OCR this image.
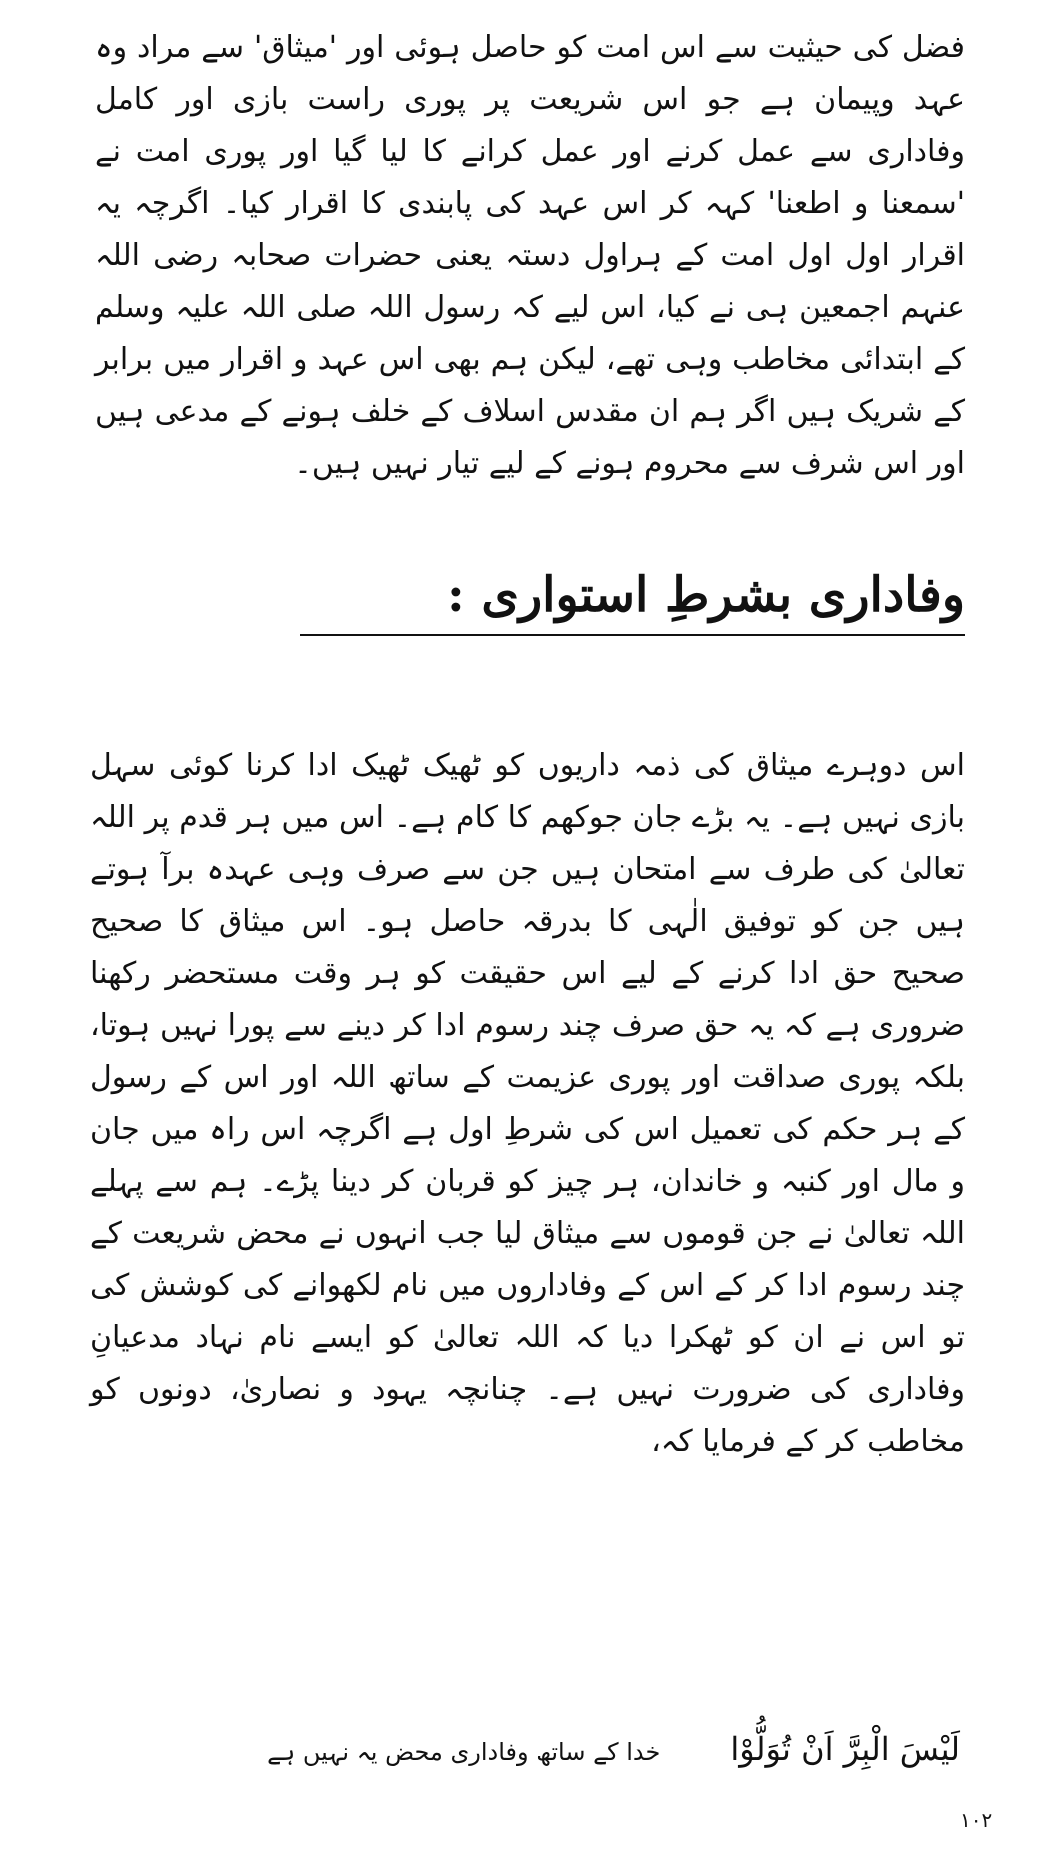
فضل کی حیثیت سے اس امت کو حاصل ہوئی اور 'میثاق' سے مراد وہ عہد وپیمان ہے جو اس شریعت پر پوری راست بازی اور کامل وفاداری سے عمل کرنے اور عمل کرانے کا لیا گیا اور پوری امت نے 'سمعنا و اطعنا' کہہ کر اس عہد کی پابندی کا اقرار کیا۔ اگرچہ یہ اقرار اول اول امت کے ہراول دستہ یعنی حضرات صحابہ رضی اللہ عنہم اجمعین ہی نے کیا، اس لیے کہ رسول اللہ صلی اللہ علیہ وسلم کے ابتدائی مخاطب وہی تھے، لیکن ہم بھی اس عہد و اقرار میں برابر کے شریک ہیں اگر ہم ان مقدس اسلاف کے خلف ہونے کے مدعی ہیں اور اس شرف سے محروم ہونے کے لیے تیار نہیں ہیں۔

وفاداری بشرطِ استواری :

اس دوہرے میثاق کی ذمہ داریوں کو ٹھیک ٹھیک ادا کرنا کوئی سہل بازی نہیں ہے۔ یہ بڑے جان جوکھم کا کام ہے۔ اس میں ہر قدم پر اللہ تعالیٰ کی طرف سے امتحان ہیں جن سے صرف وہی عہدہ برآ ہوتے ہیں جن کو توفیق الٰہی کا بدرقہ حاصل ہو۔ اس میثاق کا صحیح صحیح حق ادا کرنے کے لیے اس حقیقت کو ہر وقت مستحضر رکھنا ضروری ہے کہ یہ حق صرف چند رسوم ادا کر دینے سے پورا نہیں ہوتا، بلکہ پوری صداقت اور پوری عزیمت کے ساتھ اللہ اور اس کے رسول کے ہر حکم کی تعمیل اس کی شرطِ اول ہے اگرچہ اس راہ میں جان و مال اور کنبہ و خاندان، ہر چیز کو قربان کر دینا پڑے۔ ہم سے پہلے اللہ تعالیٰ نے جن قوموں سے میثاق لیا جب انہوں نے محض شریعت کے چند رسوم ادا کر کے اس کے وفاداروں میں نام لکھوانے کی کوشش کی تو اس نے ان کو ٹھکرا دیا کہ اللہ تعالیٰ کو ایسے نام نہاد مدعیانِ وفاداری کی ضرورت نہیں ہے۔ چنانچہ یہود و نصاریٰ، دونوں کو مخاطب کر کے فرمایا کہ،

لَيْسَ الْبِرَّ اَنْ تُوَلُّوْا
خدا کے ساتھ وفاداری محض یہ نہیں ہے
۱۰۲
